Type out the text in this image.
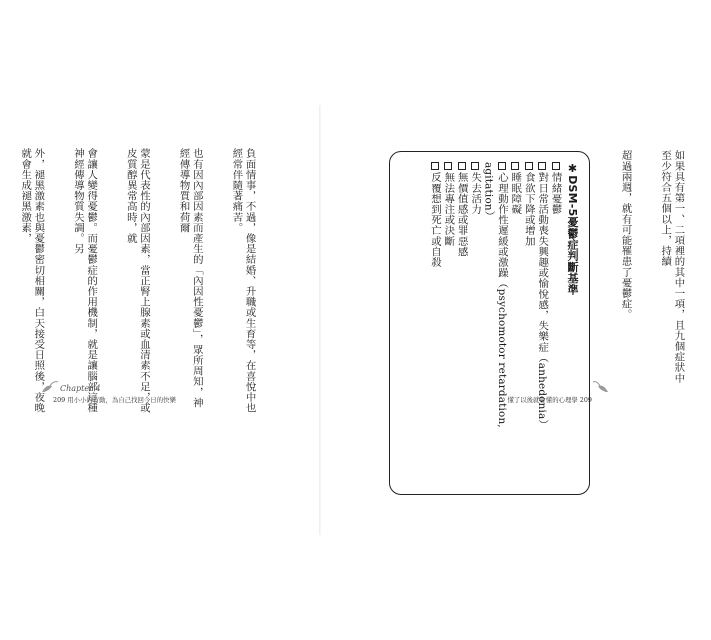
負面情事，不過，像是結婚、升職或生育等，在喜悅中也經常伴隨著痛苦。

也有因內部因素而產生的「內因性憂鬱」，眾所周知，神經傳導物質和荷爾

蒙是代表性的內部因素，當正腎上腺素或血清素不足，或皮質醇異常高時，就

會讓人變得憂鬱。而憂鬱症的作用機制，就是讓腦部這種神經傳導物質失調。另

外，褪黑激素也與憂鬱密切相關，白天接受日照後，夜晚就會生成褪黑激素，

Chapter 4
209 用小小的行動，為自己找回今日的快樂

如果具有第一、二項裡的其中一項，且九個症狀中至少符合五個以上，持續

超過兩週，就有可能罹患了憂鬱症。

✱DSM-5憂鬱症判斷基準
情緒憂鬱
對日常活動喪失興趣或愉悅感，失樂症（anhedonia）
食欲下降或增加
睡眠障礙
心理動作性遲緩或激躁（psychomotor retardation, agitation）
失去活力
無價值感或罪惡感
無法專注或決斷
反覆想到死亡或自殺
懂了以後就會懂的心理學 209
